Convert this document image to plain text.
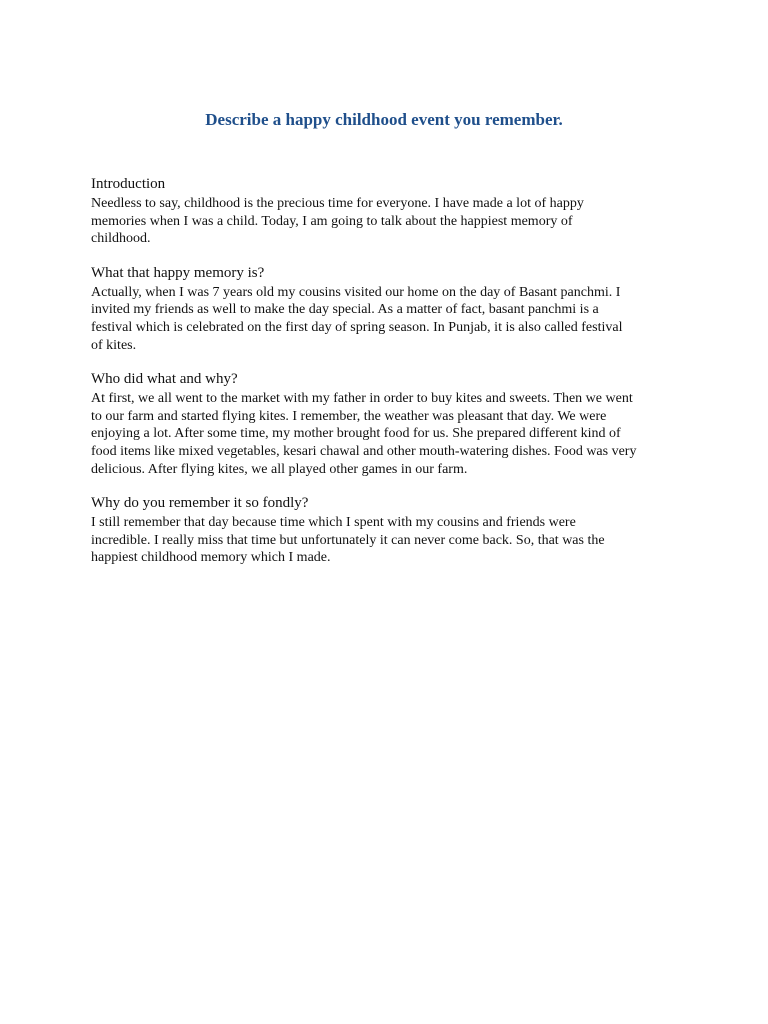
Describe a happy childhood event you remember.
Introduction

Needless to say, childhood is the precious time for everyone. I have made a lot of happy
memories when I was a child. Today, I am going to talk about the happiest memory of
childhood.

What that happy memory is?

Actually, when I was 7 years old my cousins visited our home on the day of Basant panchmi. I
invited my friends as well to make the day special. As a matter of fact, basant panchmi is a
festival which is celebrated on the first day of spring season. In Punjab, it is also called festival
of kites.

Who did what and why?

At first, we all went to the market with my father in order to buy kites and sweets. Then we went
to our farm and started flying kites. I remember, the weather was pleasant that day. We were
enjoying a lot. After some time, my mother brought food for us. She prepared different kind of
food items like mixed vegetables, kesari chawal and other mouth-watering dishes. Food was very
delicious. After flying kites, we all played other games in our farm.

Why do you remember it so fondly?

I still remember that day because time which I spent with my cousins and friends were
incredible. I really miss that time but unfortunately it can never come back. So, that was the
happiest childhood memory which I made.
